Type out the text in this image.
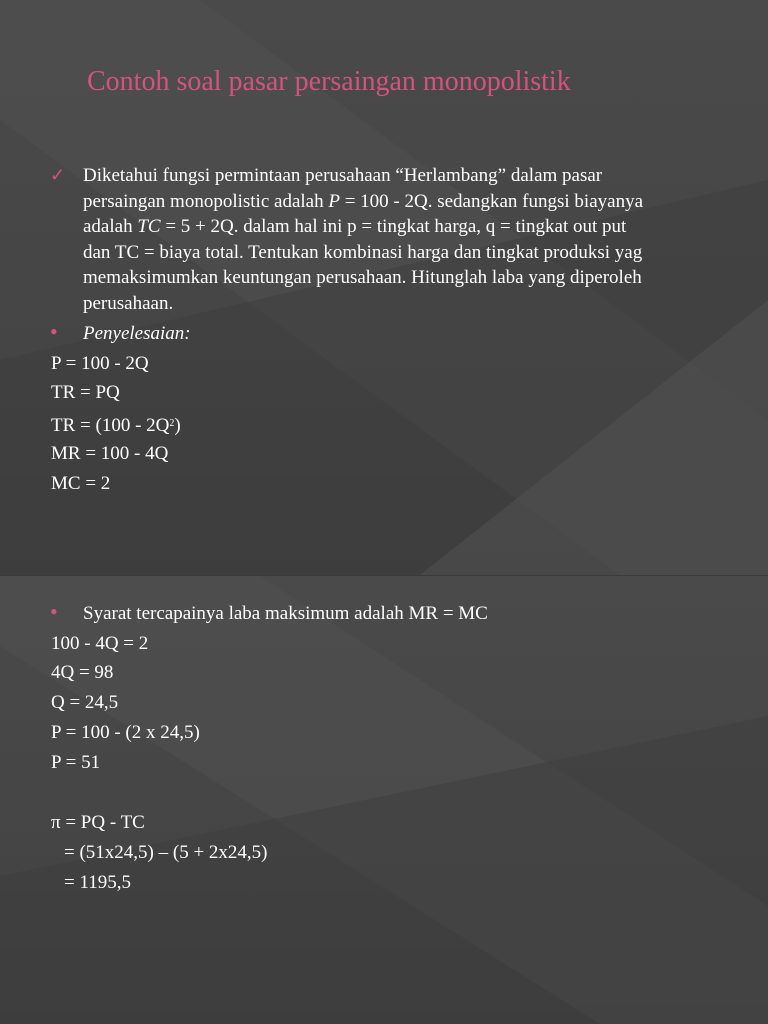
Contoh soal pasar persaingan monopolistik
✓ Diketahui fungsi permintaan perusahaan “Herlambang” dalam pasar
persaingan monopolistic adalah P = 100 - 2Q. sedangkan fungsi biayanya
adalah TC = 5 + 2Q. dalam hal ini p = tingkat harga, q = tingkat out put
dan TC = biaya total. Tentukan kombinasi harga dan tingkat produksi yag
memaksimumkan keuntungan perusahaan. Hitunglah laba yang diperoleh
perusahaan.
• Penyelesaian:
P = 100 - 2Q
TR = PQ
TR = $(100 - 2Q^2)$
MR = 100 - 4Q
MC = 2
• Syarat tercapainya laba maksimum adalah MR = MC
100 - 4Q = 2
4Q = 98
Q = 24,5
P = 100 - (2 x 24,5)
P = 51
π = PQ - TC
= (51x24,5) – (5 + 2x24,5)
= 1195,5
